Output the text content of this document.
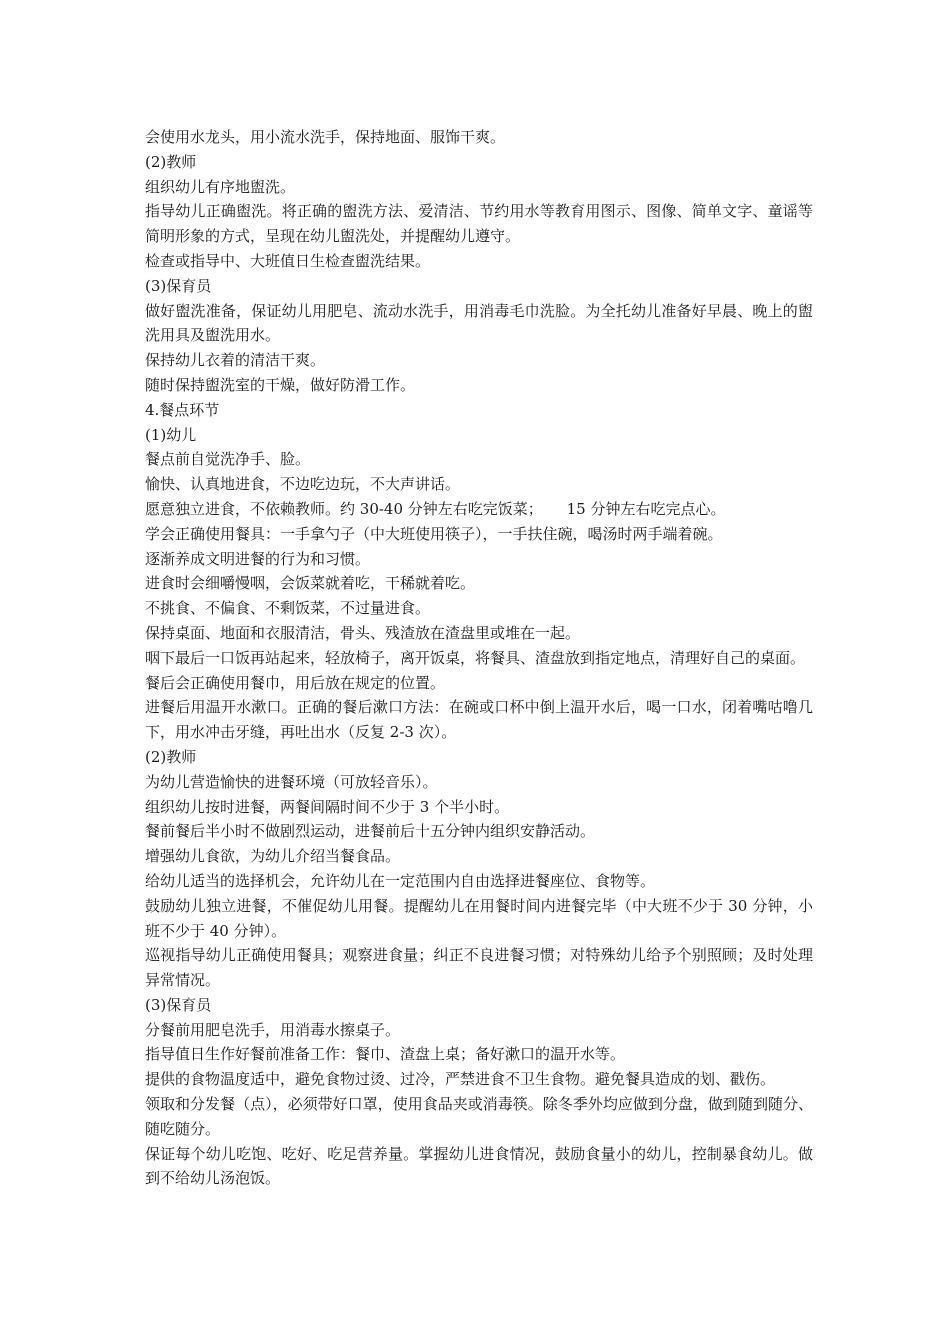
会使用水龙头，用小流水洗手，保持地面、服饰干爽。

(2)教师

组织幼儿有序地盥洗。

指导幼儿正确盥洗。将正确的盥洗方法、爱清洁、节约用水等教育用图示、图像、简单文字、童谣等简明形象的方式，呈现在幼儿盥洗处，并提醒幼儿遵守。

检查或指导中、大班值日生检查盥洗结果。

(3)保育员

做好盥洗准备，保证幼儿用肥皂、流动水洗手，用消毒毛巾洗脸。为全托幼儿准备好早晨、晚上的盥洗用具及盥洗用水。

保持幼儿衣着的清洁干爽。

随时保持盥洗室的干燥，做好防滑工作。

4.餐点环节

(1)幼儿

餐点前自觉洗净手、脸。

愉快、认真地进食，不边吃边玩，不大声讲话。

愿意独立进食，不依赖教师。约 30-40 分钟左右吃完饭菜；     15 分钟左右吃完点心。

学会正确使用餐具：一手拿勺子（中大班使用筷子），一手扶住碗，喝汤时两手端着碗。

逐渐养成文明进餐的行为和习惯。

进食时会细嚼慢咽，会饭菜就着吃，干稀就着吃。

不挑食、不偏食、不剩饭菜，不过量进食。

保持桌面、地面和衣服清洁，骨头、残渣放在渣盘里或堆在一起。

咽下最后一口饭再站起来，轻放椅子，离开饭桌，将餐具、渣盘放到指定地点，清理好自己的桌面。

餐后会正确使用餐巾，用后放在规定的位置。

进餐后用温开水漱口。正确的餐后漱口方法：在碗或口杯中倒上温开水后，喝一口水，闭着嘴咕噜几下，用水冲击牙缝，再吐出水（反复 2-3 次）。

(2)教师

为幼儿营造愉快的进餐环境（可放轻音乐）。

组织幼儿按时进餐，两餐间隔时间不少于 3 个半小时。

餐前餐后半小时不做剧烈运动，进餐前后十五分钟内组织安静活动。

增强幼儿食欲，为幼儿介绍当餐食品。

给幼儿适当的选择机会，允许幼儿在一定范围内自由选择进餐座位、食物等。

鼓励幼儿独立进餐，不催促幼儿用餐。提醒幼儿在用餐时间内进餐完毕（中大班不少于 30 分钟，小班不少于 40 分钟）。

巡视指导幼儿正确使用餐具；观察进食量；纠正不良进餐习惯；对特殊幼儿给予个别照顾；及时处理异常情况。

(3)保育员

分餐前用肥皂洗手，用消毒水擦桌子。

指导值日生作好餐前准备工作：餐巾、渣盘上桌；备好漱口的温开水等。

提供的食物温度适中，避免食物过烫、过冷，严禁进食不卫生食物。避免餐具造成的划、戳伤。

领取和分发餐（点），必须带好口罩，使用食品夹或消毒筷。除冬季外均应做到分盘，做到随到随分、随吃随分。

保证每个幼儿吃饱、吃好、吃足营养量。掌握幼儿进食情况，鼓励食量小的幼儿，控制暴食幼儿。做到不给幼儿汤泡饭。
